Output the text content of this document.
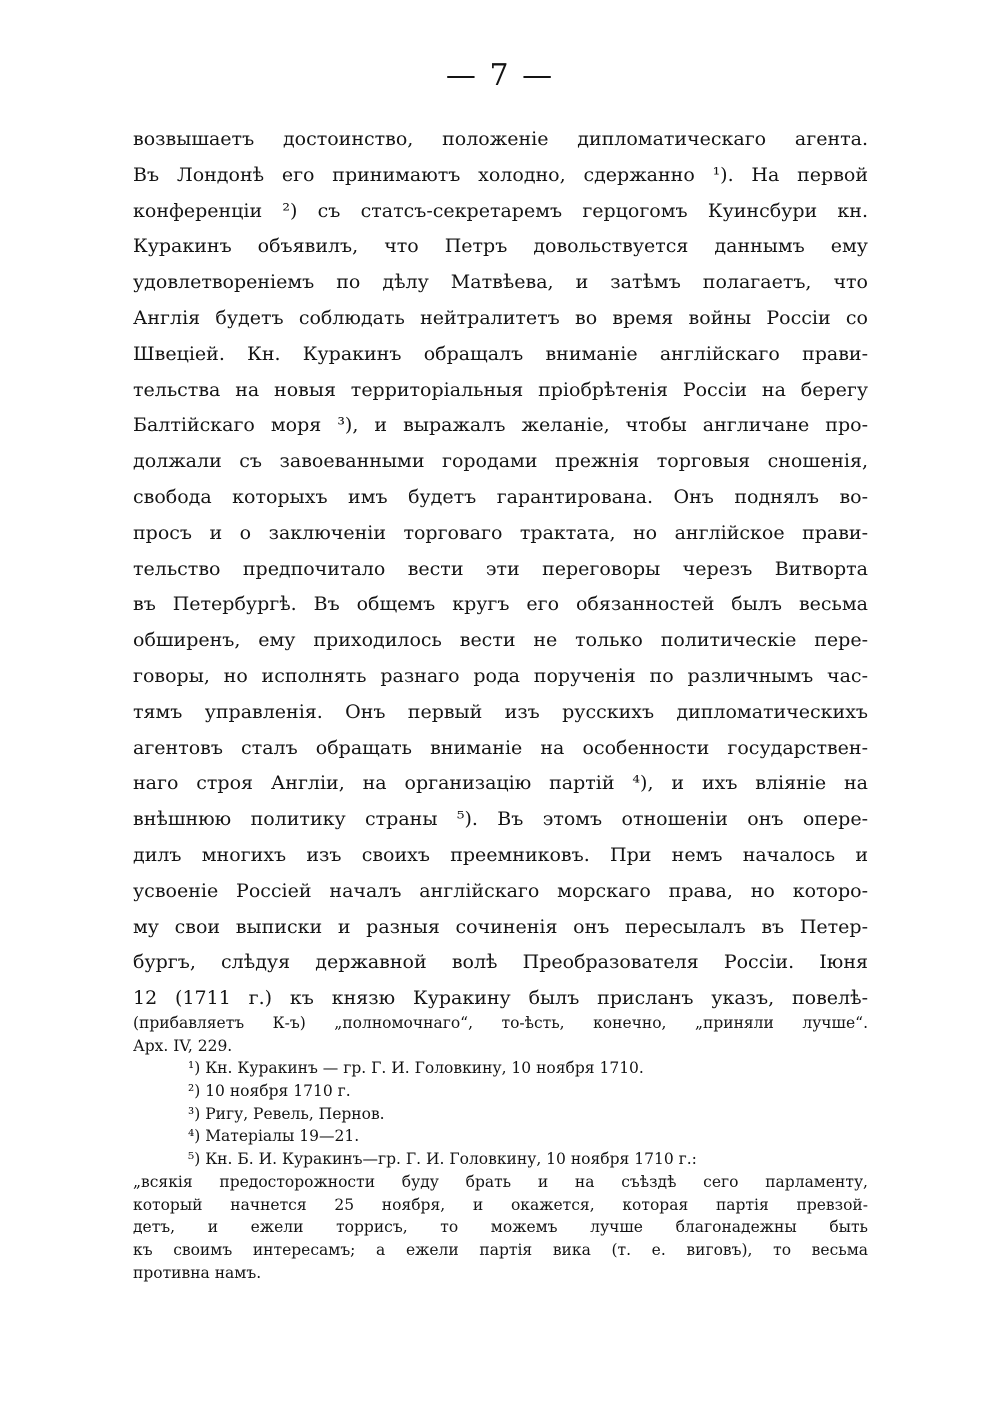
— 7 —
возвышаетъ достоинство, положеніе дипломатическаго агента.
Въ Лондонѣ его принимаютъ холодно, сдержанно ¹). На первой
конференціи ²) съ статсъ-секретаремъ герцогомъ Куинсбури кн.
Куракинъ объявилъ, что Петръ довольствуется даннымъ ему
удовлетвореніемъ по дѣлу Матвѣева, и затѣмъ полагаетъ, что
Англія будетъ соблюдать нейтралитетъ во время войны Россіи со
Швеціей. Кн. Куракинъ обращалъ вниманіе англійскаго прави-
тельства на новыя территоріальныя пріобрѣтенія Россіи на берегу
Балтійскаго моря ³), и выражалъ желаніе, чтобы англичане про-
должали съ завоеванными городами прежнія торговыя сношенія,
свобода которыхъ имъ будетъ гарантирована. Онъ поднялъ во-
просъ и о заключеніи торговаго трактата, но англійское прави-
тельство предпочитало вести эти переговоры черезъ Витворта
въ Петербургѣ. Въ общемъ кругъ его обязанностей былъ весьма
обширенъ, ему приходилось вести не только политическіе пере-
говоры, но исполнять разнаго рода порученія по различнымъ час-
тямъ управленія. Онъ первый изъ русскихъ дипломатическихъ
агентовъ сталъ обращать вниманіе на особенности государствен-
наго строя Англіи, на организацію партій ⁴), и ихъ вліяніе на
внѣшнюю политику страны ⁵). Въ этомъ отношеніи онъ опере-
дилъ многихъ изъ своихъ преемниковъ. При немъ началось и
усвоеніе Россіей началъ англійскаго морскаго права, но которо-
му свои выписки и разныя сочиненія онъ пересылалъ въ Петер-
бургъ, слѣдуя державной волѣ Преобразователя Россіи. Іюня
12 (1711 г.) къ князю Куракину былъ присланъ указъ, повелѣ-
(прибавляетъ К-ъ) „полномочнаго“, то-ѣсть, конечно, „приняли лучше“.
Арх. IV, 229.
¹) Кн. Куракинъ — гр. Г. И. Головкину, 10 ноября 1710.
²) 10 ноября 1710 г.
³) Ригу, Ревель, Пернов.
⁴) Матеріалы 19—21.
⁵) Кн. Б. И. Куракинъ—гр. Г. И. Головкину, 10 ноября 1710 г.:
„всякія предосторожности буду брать и на съѣздѣ сего парламенту,
который начнется 25 ноября, и окажется, которая партія превзой-
детъ, и ежели торрисъ, то можемъ лучше благонадежны быть
къ своимъ интересамъ; а ежели партія вика (т. е. виговъ), то весьма
противна намъ.
